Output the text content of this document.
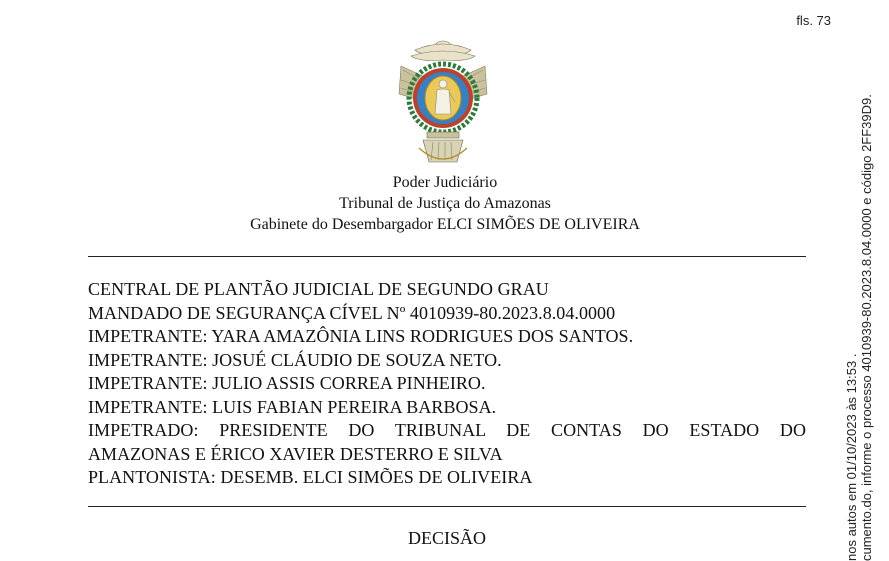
fls. 73
Poder Judiciário
Tribunal de Justiça do Amazonas
Gabinete do Desembargador ELCI SIMÕES DE OLIVEIRA
CENTRAL DE PLANTÃO JUDICIAL DE SEGUNDO GRAU
MANDADO DE SEGURANÇA CÍVEL Nº 4010939-80.2023.8.04.0000
IMPETRANTE: YARA AMAZÔNIA LINS RODRIGUES DOS SANTOS.
IMPETRANTE: JOSUÉ CLÁUDIO DE SOUZA NETO.
IMPETRANTE: JULIO ASSIS CORREA PINHEIRO.
IMPETRANTE: LUIS FABIAN PEREIRA BARBOSA.
IMPETRADO: PRESIDENTE DO TRIBUNAL DE CONTAS DO ESTADO DO
AMAZONAS E ÉRICO XAVIER DESTERRO E SILVA
PLANTONISTA: DESEMB. ELCI SIMÕES DE OLIVEIRA
DECISÃO	nos autos em 01/10/2023 às 13:53 . cumento.do, informe o processo 4010939-80.2023.8.04.0000 e código 2FF39D9.
